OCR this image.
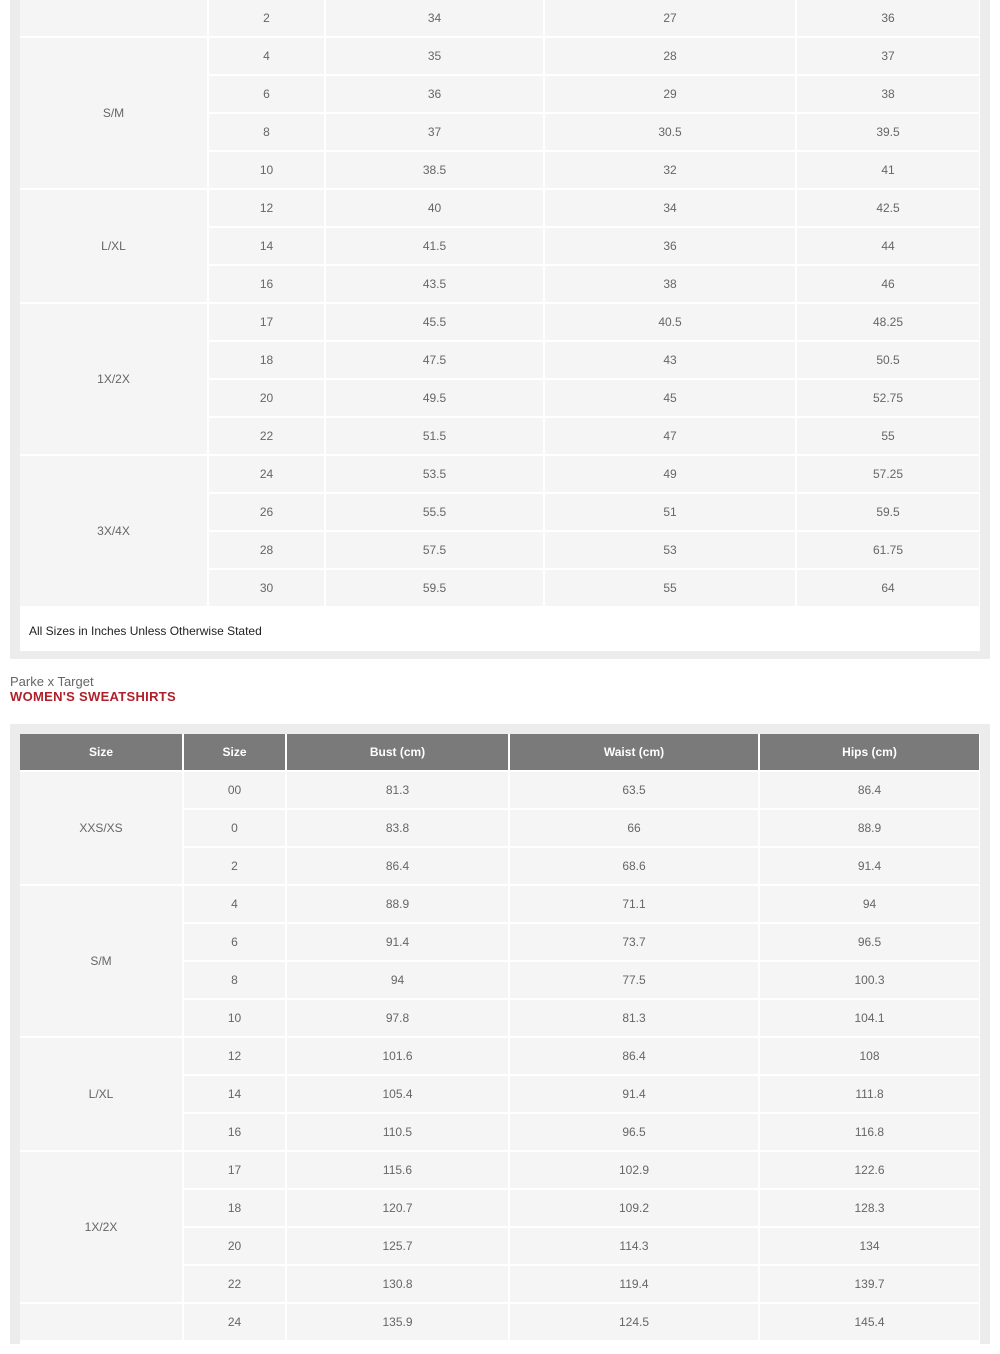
	2	34	27	36
S/M	4	35	28	37
	6	36	29	38
	8	37	30.5	39.5
	10	38.5	32	41
L/XL	12	40	34	42.5
	14	41.5	36	44
	16	43.5	38	46
1X/2X	17	45.5	40.5	48.25
	18	47.5	43	50.5
	20	49.5	45	52.75
	22	51.5	47	55
3X/4X	24	53.5	49	57.25
	26	55.5	51	59.5
	28	57.5	53	61.75
	30	59.5	55	64
All Sizes in Inches Unless Otherwise Stated
Parke x Target
WOMEN'S SWEATSHIRTS
Size	Size	Bust (cm)	Waist (cm)	Hips (cm)
XXS/XS	00	81.3	63.5	86.4
	0	83.8	66	88.9
	2	86.4	68.6	91.4
S/M	4	88.9	71.1	94
	6	91.4	73.7	96.5
	8	94	77.5	100.3
	10	97.8	81.3	104.1
L/XL	12	101.6	86.4	108
	14	105.4	91.4	111.8
	16	110.5	96.5	116.8
1X/2X	17	115.6	102.9	122.6
	18	120.7	109.2	128.3
	20	125.7	114.3	134
	22	130.8	119.4	139.7
	24	135.9	124.5	145.4
